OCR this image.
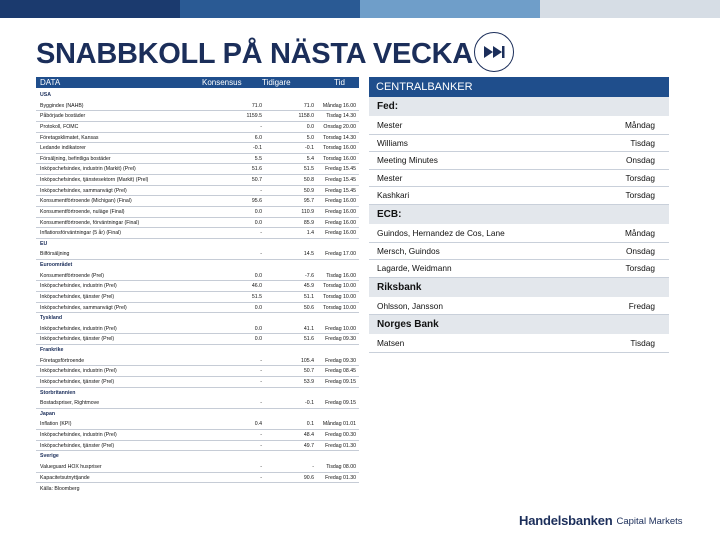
SNABBKOLL PÅ NÄSTA VECKA
DATA	Konsensus	Tidigare	Tid
USA
Byggindex (NAHB)	71.0	71.0 Måndag 16.00
Påbörjade bostäder	1159.5	1158.0 Tisdag 14.30
Protokoll, FOMC	-	0.0 Onsdag 20.00
Företagsklimatet, Kansas	6.0	5.0 Torsdag 14.30
Ledande indikatorer	-0.1	-0.1 Torsdag 16.00
Försäljning, befintliga bostäder	5.5	5.4 Torsdag 16.00
Inköpschefsindex, industrin (Markit) (Prel)	51.6	51.5 Fredag 15.45
Inköpschefsindex, tjänstesektorn (Markit) (Prel)	50.7	50.8 Fredag 15.45
Inköpschefsindex, sammanvägt (Prel)	-	50.9 Fredag 15.45
Konsumentförtroende (Michigan) (Final)	95.6	95.7 Fredag 16.00
Konsumentförtroende, nuläge (Final)	0.0	110.9 Fredag 16.00
Konsumentförtroende, förväntningar (Final)	0.0	85.9 Fredag 16.00
Inflationsförväntningar (5 år) (Final)	-	1.4 Fredag 16.00
EU
Bilförsäljning	-	14.5 Fredag 17.00
Euroområdet
Konsumentförtroende (Prel)	0.0	-7.6 Tisdag 16.00
Inköpschefsindex, industrin (Prel)	46.0	45.9 Torsdag 10.00
Inköpschefsindex, tjänster (Prel)	51.5	51.1 Torsdag 10.00
Inköpschefsindex, sammanvägt (Prel)	0.0	50.6 Torsdag 10.00
Tyskland
Inköpschefsindex, industrin (Prel)	0.0	41.1 Fredag 10.00
Inköpschefsindex, tjänster (Prel)	0.0	51.6 Fredag 09.30
Frankrike
Företagsförtroende	-	105.4 Fredag 09.30
Inköpschefsindex, industrin (Prel)	-	50.7 Fredag 08.45
Inköpschefsindex, tjänster (Prel)	-	53.9 Fredag 09.15
Storbritannien
Bostadspriser, Rightmove	-	-0.1 Fredag 09.15
Japan
Inflation (KPI)	0.4	0.1 Måndag 01.01
Inköpschefsindex, industrin (Prel)	-	48.4 Fredag 00.30
Inköpschefsindex, tjänster (Prel)	-	49.7 Fredag 01.30
Sverige
Valueguard HOX huspriser	-	- Tisdag 08.00
Kapacitetsutnyttjande	-	90.6 Fredag 01.30
Källa: Bloomberg
CENTRALBANKER
Fed:
Mester	Måndag
Williams	Tisdag
Meeting Minutes	Onsdag
Mester	Torsdag
Kashkari	Torsdag
ECB:
Guindos, Hernandez de Cos, Lane	Måndag
Mersch, Guindos	Onsdag
Lagarde, Weidmann	Torsdag
Riksbank
Ohlsson, Jansson	Fredag
Norges Bank
Matsen	Tisdag
Handelsbanken Capital Markets
